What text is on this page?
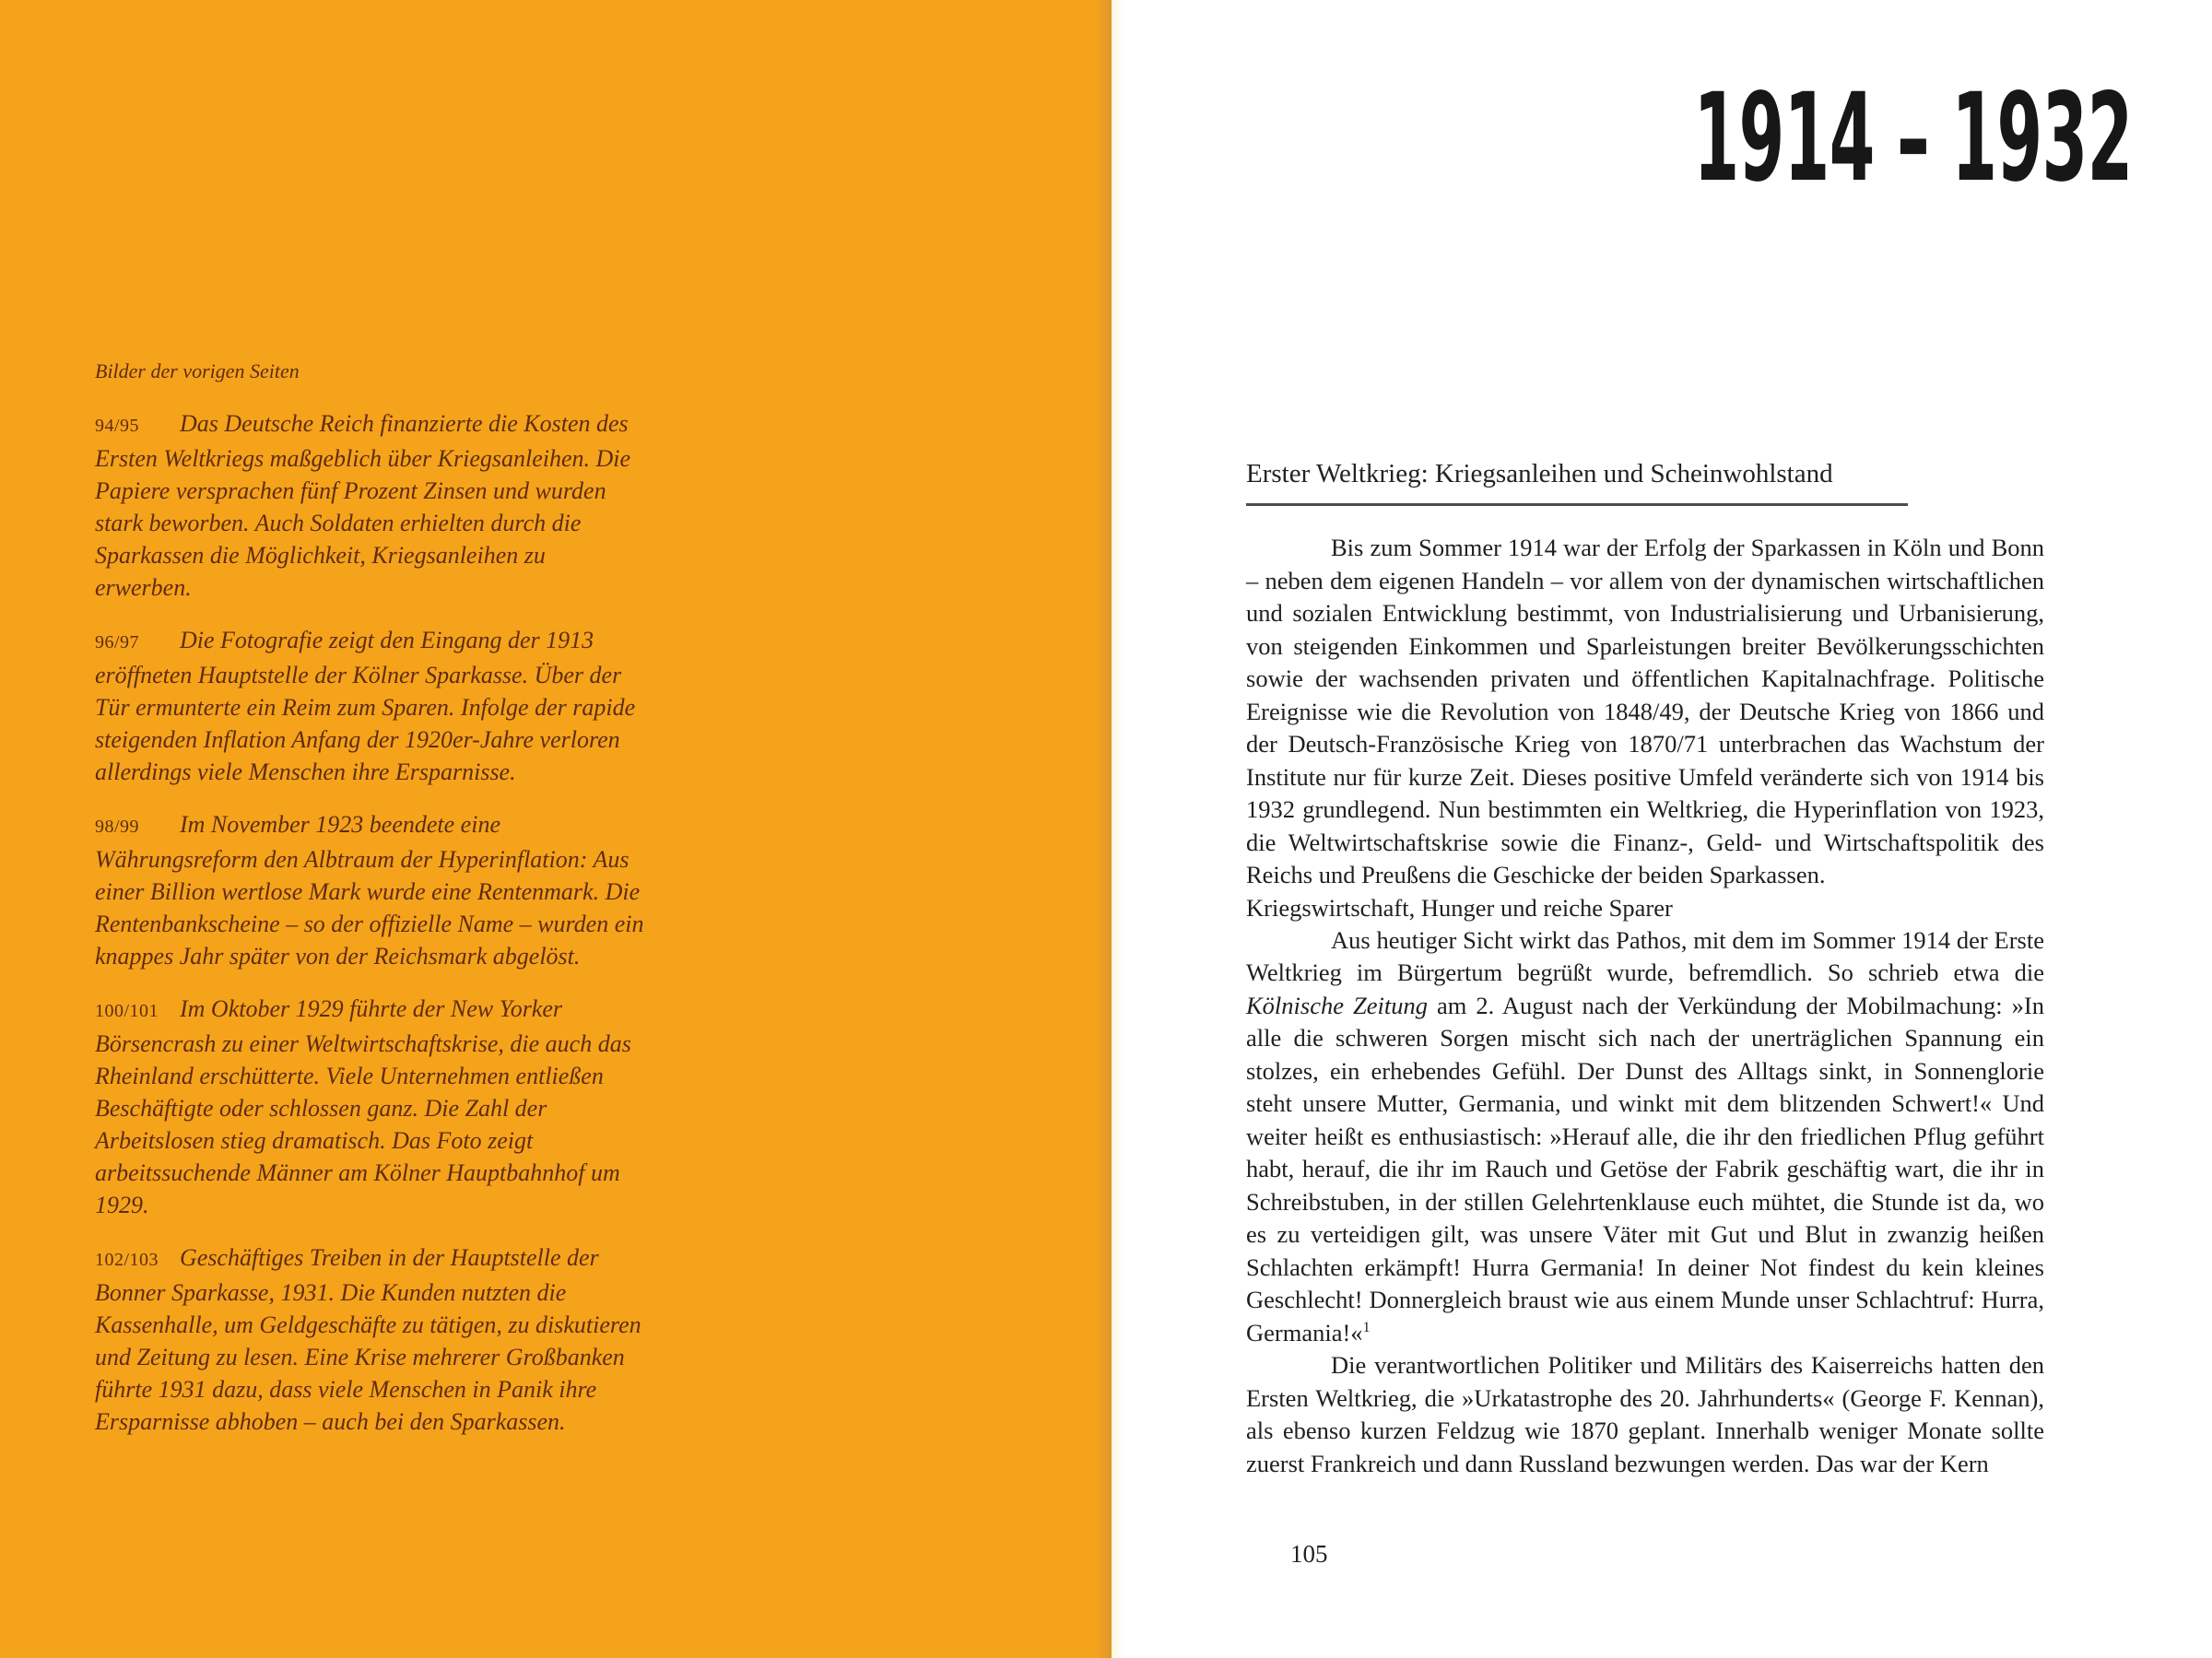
Bilder der vorigen Seiten

94/95 Das Deutsche Reich finanzierte die Kosten des Ersten Weltkriegs maßgeblich über Kriegsanleihen. Die Papiere versprachen fünf Prozent Zinsen und wurden stark beworben. Auch Soldaten erhielten durch die Sparkassen die Möglichkeit, Kriegsanleihen zu erwerben.

96/97 Die Fotografie zeigt den Eingang der 1913 eröffneten Hauptstelle der Kölner Sparkasse. Über der Tür ermunterte ein Reim zum Sparen. Infolge der rapide steigenden Inflation Anfang der 1920er-Jahre verloren allerdings viele Menschen ihre Ersparnisse.

98/99 Im November 1923 beendete eine Währungsreform den Albtraum der Hyperinflation: Aus einer Billion wertlose Mark wurde eine Rentenmark. Die Rentenbankscheine – so der offizielle Name – wurden ein knappes Jahr später von der Reichsmark abgelöst.

100/101 Im Oktober 1929 führte der New Yorker Börsencrash zu einer Weltwirtschaftskrise, die auch das Rheinland erschütterte. Viele Unternehmen entließen Beschäftigte oder schlossen ganz. Die Zahl der Arbeitslosen stieg dramatisch. Das Foto zeigt arbeitssuchende Männer am Kölner Hauptbahnhof um 1929.

102/103 Geschäftiges Treiben in der Hauptstelle der Bonner Sparkasse, 1931. Die Kunden nutzten die Kassenhalle, um Geldgeschäfte zu tätigen, zu diskutieren und Zeitung zu lesen. Eine Krise mehrerer Großbanken führte 1931 dazu, dass viele Menschen in Panik ihre Ersparnisse abhoben – auch bei den Sparkassen.

1914 – 1932
Erster Weltkrieg: Kriegsanleihen und Scheinwohlstand

Bis zum Sommer 1914 war der Erfolg der Sparkassen in Köln und Bonn – neben dem eigenen Handeln – vor allem von der dynamischen wirtschaftlichen und sozialen Entwicklung bestimmt, von Industrialisierung und Urbanisierung, von steigenden Einkommen und Sparleistungen breiter Bevölkerungsschichten sowie der wachsenden privaten und öffentlichen Kapitalnachfrage. Politische Ereignisse wie die Revolution von 1848/49, der Deutsche Krieg von 1866 und der Deutsch-Französische Krieg von 1870/71 unterbrachen das Wachstum der Institute nur für kurze Zeit. Dieses positive Umfeld veränderte sich von 1914 bis 1932 grundlegend. Nun bestimmten ein Weltkrieg, die Hyperinflation von 1923, die Weltwirtschaftskrise sowie die Finanz-, Geld- und Wirtschaftspolitik des Reichs und Preußens die Geschicke der beiden Sparkassen.

Kriegswirtschaft, Hunger und reiche Sparer

Aus heutiger Sicht wirkt das Pathos, mit dem im Sommer 1914 der Erste Weltkrieg im Bürgertum begrüßt wurde, befremdlich. So schrieb etwa die Kölnische Zeitung am 2. August nach der Verkündung der Mobilmachung: »In alle die schweren Sorgen mischt sich nach der unerträglichen Spannung ein stolzes, ein erhebendes Gefühl. Der Dunst des Alltags sinkt, in Sonnenglorie steht unsere Mutter, Germania, und winkt mit dem blitzenden Schwert!« Und weiter heißt es enthusiastisch: »Herauf alle, die ihr den friedlichen Pflug geführt habt, herauf, die ihr im Rauch und Getöse der Fabrik geschäftig wart, die ihr in Schreibstuben, in der stillen Gelehrtenklause euch mühtet, die Stunde ist da, wo es zu verteidigen gilt, was unsere Väter mit Gut und Blut in zwanzig heißen Schlachten erkämpft! Hurra Germania! In deiner Not findest du kein kleines Geschlecht! Donnergleich braust wie aus einem Munde unser Schlachtruf: Hurra, Germania!«$^1$

Die verantwortlichen Politiker und Militärs des Kaiserreichs hatten den Ersten Weltkrieg, die »Urkatastrophe des 20. Jahrhunderts« (George F. Kennan), als ebenso kurzen Feldzug wie 1870 geplant. Innerhalb weniger Monate sollte zuerst Frankreich und dann Russland bezwungen werden. Das war der Kern

105
